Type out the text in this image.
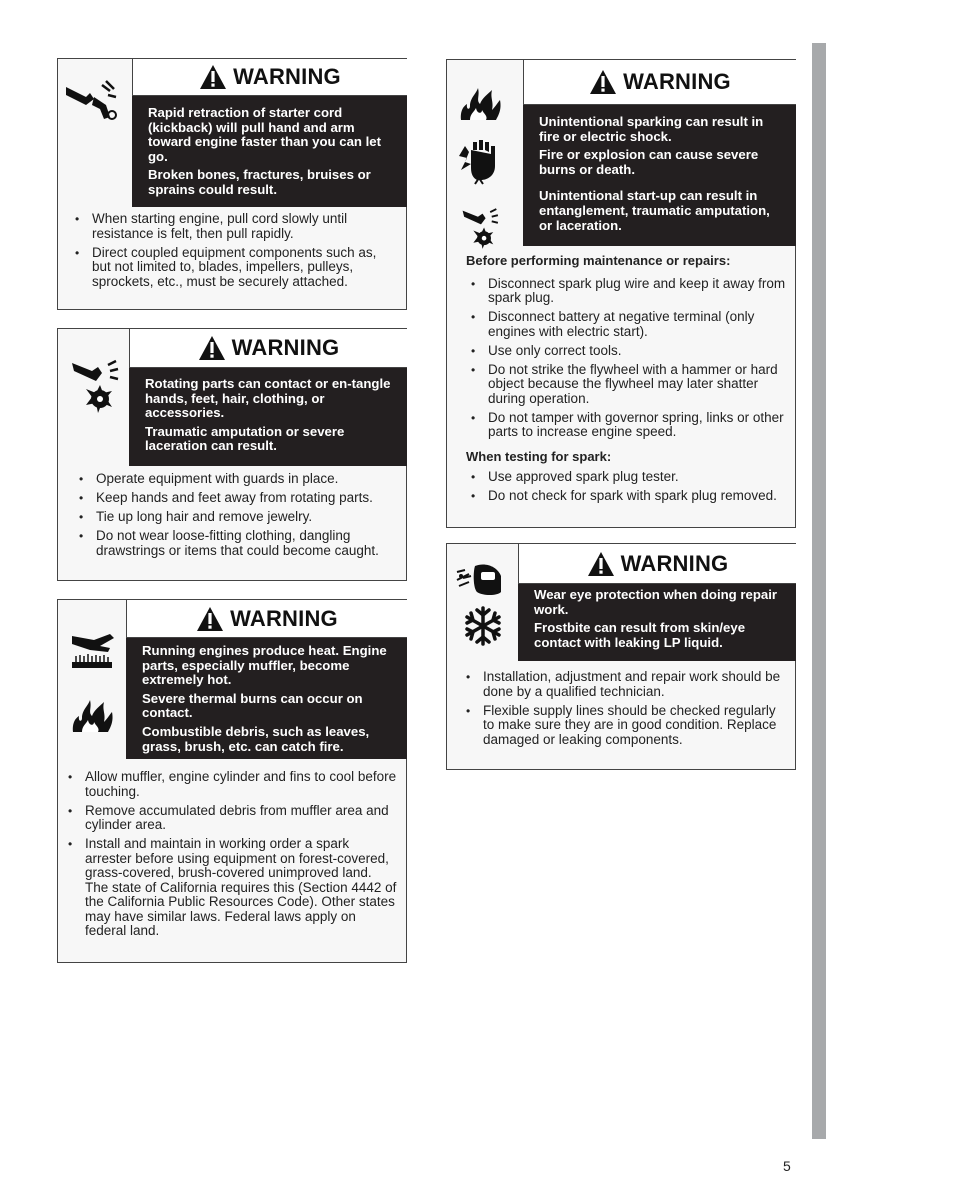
WARNING

Rapid retraction of starter cord (kickback) will pull hand and arm toward engine faster than you can let go.

Broken bones, fractures, bruises or sprains could result.

• When starting engine, pull cord slowly until resistance is felt, then pull rapidly.
• Direct coupled equipment components such as, but not limited to, blades, impellers, pulleys, sprockets, etc., must be securely attached.
WARNING

Rotating parts can contact or en-tangle hands, feet, hair, clothing, or accessories.

Traumatic amputation or severe laceration can result.

• Operate equipment with guards in place.
• Keep hands and feet away from rotating parts.
• Tie up long hair and remove jewelry.
• Do not wear loose-fitting clothing, dangling drawstrings or items that could become caught.
WARNING

Running engines produce heat. Engine parts, especially muffler, become extremely hot.

Severe thermal burns can occur on contact.

Combustible debris, such as leaves, grass, brush, etc. can catch fire.

• Allow muffler, engine cylinder and fins to cool before touching.
• Remove accumulated debris from muffler area and cylinder area.
• Install and maintain in working order a spark arrester before using equipment on forest-covered, grass-covered, brush-covered unimproved land. The state of California requires this (Section 4442 of the California Public Resources Code). Other states may have similar laws. Federal laws apply on federal land.
WARNING

Unintentional sparking can result in fire or electric shock.

Fire or explosion can cause severe burns or death.

Unintentional start-up can result in entanglement, traumatic amputation, or laceration.

Before performing maintenance or repairs:

• Disconnect spark plug wire and keep it away from spark plug.
• Disconnect battery at negative terminal (only engines with electric start).
• Use only correct tools.
• Do not strike the flywheel with a hammer or hard object because the flywheel may later shatter during operation.
• Do not tamper with governor spring, links or other parts to increase engine speed.

When testing for spark:

• Use approved spark plug tester.
• Do not check for spark with spark plug removed.
WARNING

Wear eye protection when doing repair work.

Frostbite can result from skin/eye contact with leaking LP liquid.

• Installation, adjustment and repair work should be done by a qualified technician.
• Flexible supply lines should be checked regularly to make sure they are in good condition. Replace damaged or leaking components.
5
